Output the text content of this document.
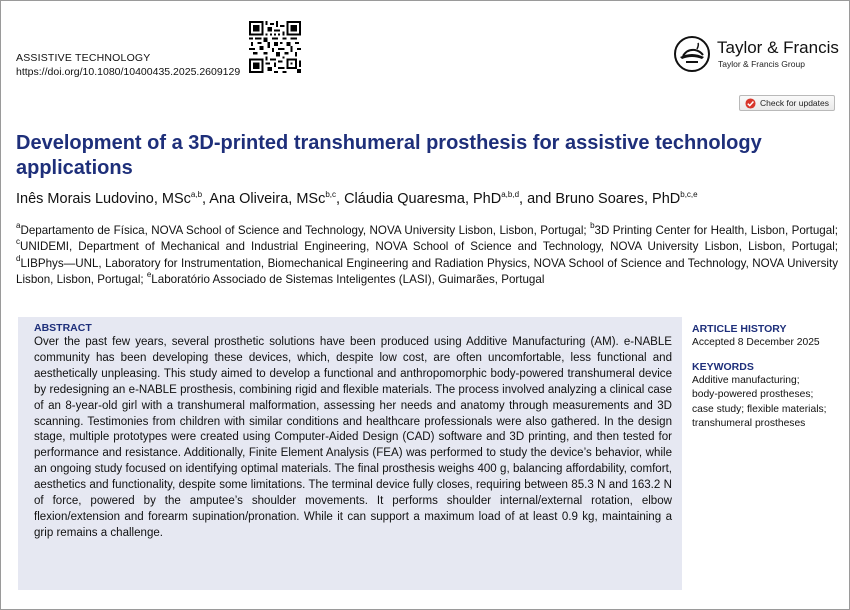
ASSISTIVE TECHNOLOGY
https://doi.org/10.1080/10400435.2025.2609129
Taylor & Francis
Taylor & Francis Group
Check for updates
Development of a 3D-printed transhumeral prosthesis for assistive technology applications
Inês Morais Ludovino, MSc$^{a,b}$, Ana Oliveira, MSc$^{b,c}$, Cláudia Quaresma, PhD$^{a,b,d}$, and Bruno Soares, PhD$^{b,c,e}$
$^a$Departamento de Física, NOVA School of Science and Technology, NOVA University Lisbon, Lisbon, Portugal; $^b$3D Printing Center for Health, Lisbon, Portugal; $^c$UNIDEMI, Department of Mechanical and Industrial Engineering, NOVA School of Science and Technology, NOVA University Lisbon, Lisbon, Portugal; $^d$LIBPhys—UNL, Laboratory for Instrumentation, Biomechanical Engineering and Radiation Physics, NOVA School of Science and Technology, NOVA University Lisbon, Lisbon, Portugal; $^e$Laboratório Associado de Sistemas Inteligentes (LASI), Guimarães, Portugal
ABSTRACT
Over the past few years, several prosthetic solutions have been produced using Additive Manufacturing (AM). e-NABLE community has been developing these devices, which, despite low cost, are often uncomfortable, less functional and aesthetically unpleasing. This study aimed to develop a functional and anthropomorphic body-powered transhumeral device by redesigning an e-NABLE prosthesis, combining rigid and flexible materials. The process involved analyzing a clinical case of an 8-year-old girl with a transhumeral malformation, assessing her needs and anatomy through measurements and 3D scanning. Testimonies from children with similar conditions and healthcare professionals were also gathered. In the design stage, multiple prototypes were created using Computer-Aided Design (CAD) software and 3D printing, and then tested for performance and resistance. Additionally, Finite Element Analysis (FEA) was performed to study the device’s behavior, while an ongoing study focused on identifying optimal materials. The final prosthesis weighs 400 g, balancing affordability, comfort, aesthetics and functionality, despite some limitations. The terminal device fully closes, requiring between 85.3 N and 163.2 N of force, powered by the amputee’s shoulder movements. It performs shoulder internal/external rotation, elbow flexion/extension and forearm supination/pronation. While it can support a maximum load of at least 0.9 kg, maintaining a grip remains a challenge.
ARTICLE HISTORY
Accepted 8 December 2025
KEYWORDS
Additive manufacturing;
body-powered prostheses;
case study; flexible materials;
transhumeral prostheses
